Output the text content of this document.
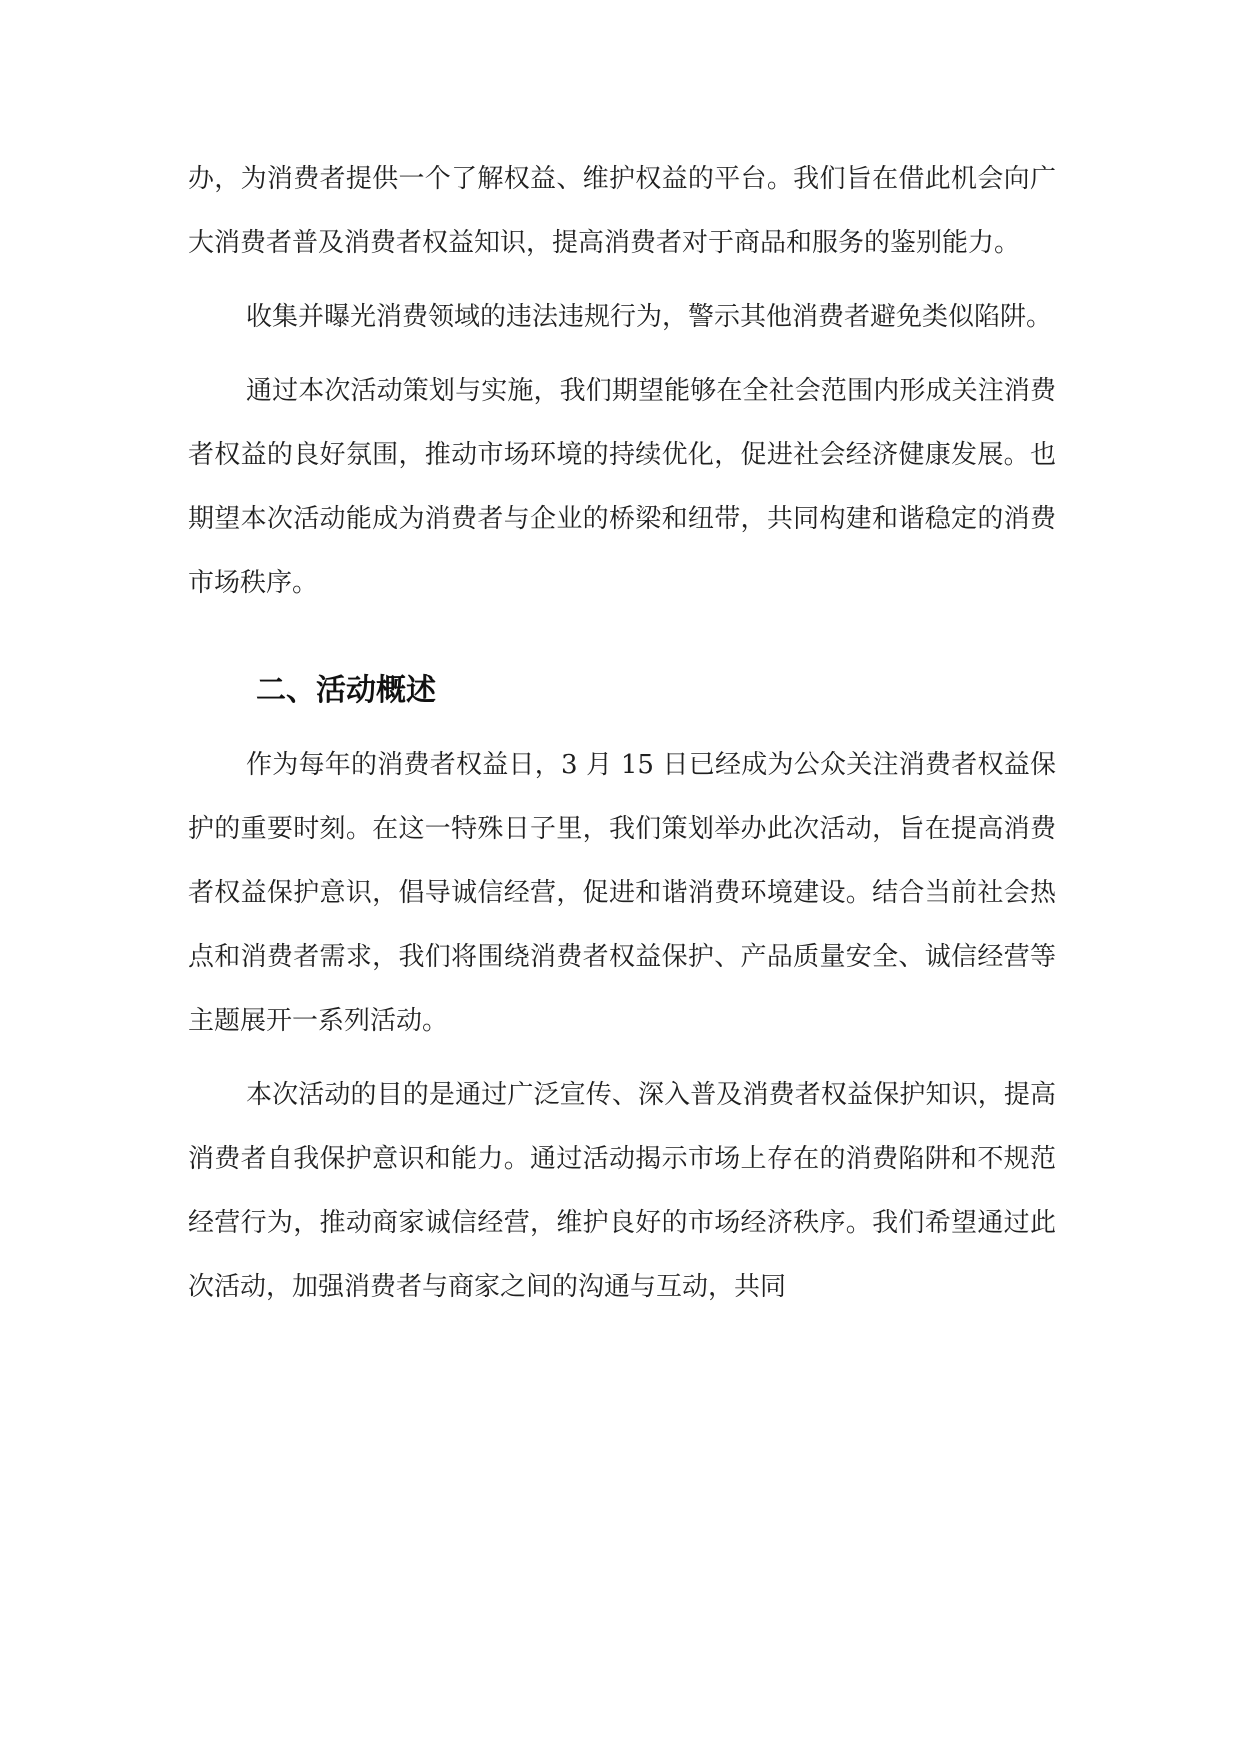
办，为消费者提供一个了解权益、维护权益的平台。我们旨在借此机会向广大消费者普及消费者权益知识，提高消费者对于商品和服务的鉴别能力。

收集并曝光消费领域的违法违规行为，警示其他消费者避免类似陷阱。

通过本次活动策划与实施，我们期望能够在全社会范围内形成关注消费者权益的良好氛围，推动市场环境的持续优化，促进社会经济健康发展。也期望本次活动能成为消费者与企业的桥梁和纽带，共同构建和谐稳定的消费市场秩序。

二、活动概述

作为每年的消费者权益日，3 月 15 日已经成为公众关注消费者权益保护的重要时刻。在这一特殊日子里，我们策划举办此次活动，旨在提高消费者权益保护意识，倡导诚信经营，促进和谐消费环境建设。结合当前社会热点和消费者需求，我们将围绕消费者权益保护、产品质量安全、诚信经营等主题展开一系列活动。

本次活动的目的是通过广泛宣传、深入普及消费者权益保护知识，提高消费者自我保护意识和能力。通过活动揭示市场上存在的消费陷阱和不规范经营行为，推动商家诚信经营，维护良好的市场经济秩序。我们希望通过此次活动，加强消费者与商家之间的沟通与互动，共同
